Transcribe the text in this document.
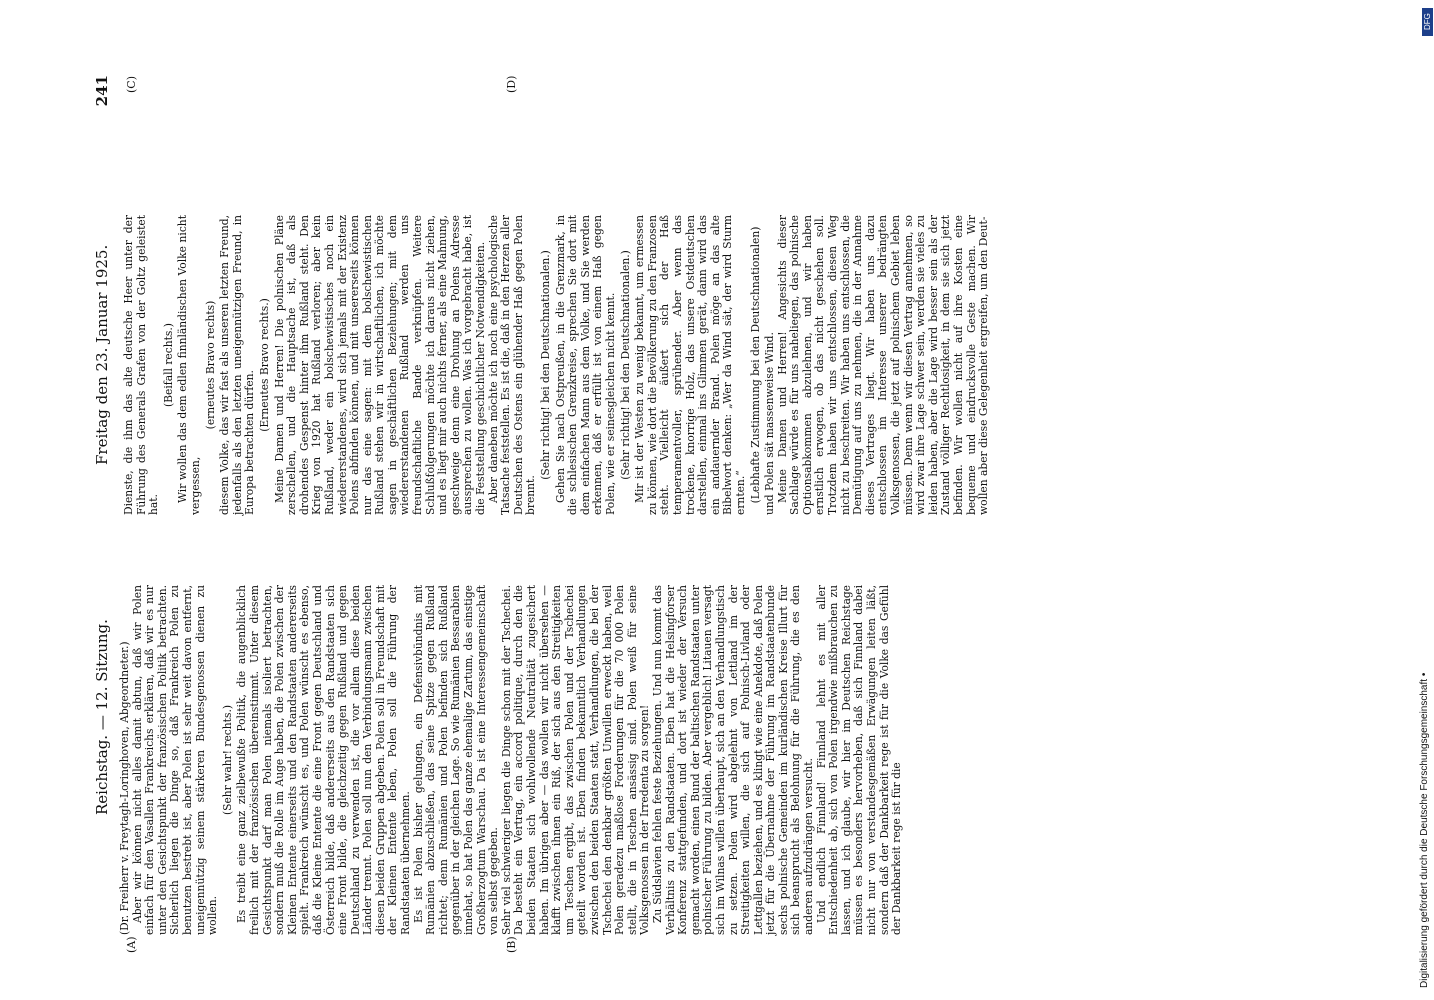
Reichstag. — 12. Sitzung.
Freitag den 23. Januar 1925.
241
(Dr. Freiherr v. Freytagh-Loringhoven, Abgeordneter.) Aber wir können nicht alles damit abtun, daß wir Polen einfach für den Vasallen Frankreichs erklären, daß wir es nur unter den Gesichtspunkt der französischen Politik betrachten. Sicherlich liegen die Dinge so, daß Frankreich Polen zu benutzen bestrebt ist, aber Polen ist sehr weit davon entfernt, uneigennützig seinem stärkeren Bundesgenossen dienen zu wollen.

(Sehr wahr! rechts.) Es treibt eine ganz zielbewußte Politik, die augenblicklich freilich mit der französischen übereinstimmt. Unter diesem Gesichtspunkt darf man Polen niemals isoliert betrachten, sondern muß die Rolle im Auge haben, die Polen zwischen der Kleinen Entente einerseits und den Randstaaten andererseits spielt. Frankreich wünscht es, und Polen wünscht es ebenso, daß die Kleine Entente die eine Front gegen Deutschland und Österreich bilde, daß andererseits aus den Randstaaten sich eine Front bilde, die gleichzeitig gegen Rußland und gegen Deutschland zu verwenden ist, die vor allem diese beiden Länder trennt. Polen soll nun den Verbindungsmann zwischen diesen beiden Gruppen abgeben. Polen soll in Freundschaft mit der Kleinen Entente leben, Polen soll die Führung der Randstaaten übernehmen. Es ist Polen bisher gelungen, ein Defensivbündnis mit Rumänien abzuschließen, das seine Spitze gegen Rußland richtet; denn Rumänien und Polen befinden sich Rußland gegenüber in der gleichen Lage. So wie Rumänien Bessarabien innehat, so hat Polen das ganze ehemalige Zartum, das einstige Großherzogtum Warschau. Da ist eine Interessengemeinschaft von selbst gegeben. Sehr viel schwieriger liegen die Dinge schon mit der Tschechei. Da besteht ein Vertrag, ein accord politique, durch den die beiden Staaten sich wohlwollende Neutralität zugesichert haben. Im übrigen aber — das wollen wir nicht übersehen — klafft zwischen ihnen ein Riß, der sich aus den Streitigkeiten um Teschen ergibt, das zwischen Polen und der Tschechei geteilt worden ist. Eben finden bekanntlich Verhandlungen zwischen den beiden Staaten statt, Verhandlungen, die bei der Tschechei den denkbar größten Unwillen erweckt haben, weil Polen geradezu maßlose Forderungen für die 70 000 Polen stellt, die in Teschen ansässig sind. Polen weiß für seine Volksgenossen in der Irredenta zu sorgen! Zu Südslavien fehlen feste Beziehungen. Und nun kommt das Verhältnis zu den Randstaaten. Eben hat die Helsingforser Konferenz stattgefunden, und dort ist wieder der Versuch gemacht worden, einen Bund der baltischen Randstaaten unter polnischer Führung zu bilden. Aber vergeblich! Litauen versagt sich im Wilnas willen überhaupt, sich an den Verhandlungstisch zu setzen. Polen wird abgelehnt von Lettland im der Streitigkeiten willen, die sich auf Polnisch-Livland oder Lettgallen beziehen, und es klingt wie eine Anekdote, daß Polen jetzt für die Übernahme der Führung im Randstaatenbunde sechs polnische Gemeinden im kurländischen Kreise Illurt für sich beansprucht als Belohnung für die Führung, die es den anderen aufzudrängen versucht. Und endlich Finnland! Finnland lehnt es mit aller Entschiedenheit ab, sich von Polen irgendwie mißbrauchen zu lassen, und ich glaube, wir hier im Deutschen Reichstage müssen es besonders hervorheben, daß sich Finnland dabei nicht nur von verstandesgemäßen Erwägungen leiten läßt, sondern daß der Dankbarkeit rege ist für die Volke das Gefühl der Dankbarkeit rege ist für die

Dienste, die ihm das alte deutsche Heer unter der Führung des Generals Grafen von der Goltz geleistet hat.

(Beifall rechts.) Wir wollen das dem edlen finnländischen Volke nicht vergessen,

(erneutes Bravo rechts) diesem Volke, das wir fast als unseren letzten Freund, jedenfalls als den letzten uneigennützigen Freund, in Europa betrachten dürfen.

(Erneutes Bravo rechts.) Meine Damen und Herren! Die polnischen Pläne zerschellen, und die Hauptsache ist, daß als drohendes Gespenst hinter ihm Rußland steht. Den Krieg von 1920 hat Rußland verloren; aber kein Rußland, weder ein bolschewistisches noch ein wiedererstandenes, wird sich jemals mit der Existenz Polens abfinden können, und mit unsererseits können nur das eine sagen: mit dem bolschewistischen Rußland stehen wir in wirtschaftlichen, ich möchte sagen in geschäftlichen Beziehungen; mit dem wiedererstandenen Rußland werden uns freundschaftliche Bande verknüpfen. Weitere Schlußfolgerungen möchte ich daraus nicht ziehen, und es liegt mir auch nichts ferner, als eine Mahnung, geschweige denn eine Drohung an Polens Adresse aussprechen zu wollen. Was ich vorgebracht habe, ist die Feststellung geschichtlicher Notwendigkeiten. Aber daneben möchte ich noch eine psychologische Tatsache feststellen. Es ist die, daß in den Herzen aller Deutschen des Ostens ein glühender Haß gegen Polen brennt.

(Sehr richtig! bei den Deutschnationalen.) Gehen Sie nach Ostpreußen, in die Grenzmark, in die schlesischen Grenzkreise, sprechen Sie dort mit dem einfachen Mann aus dem Volke, und Sie werden erkennen, daß er erfüllt ist von einem Haß gegen Polen, wie er seinesgleichen nicht kennt. (Sehr richtig! bei den Deutschnationalen.) Mir ist der Westen zu wenig bekannt, um ermessen zu können, wie dort die Bevölkerung zu den Franzosen steht. Vielleicht äußert sich der Haß temperamentvoller, sprühender. Aber wenn das trockene, knorrige Holz, das unsere Ostdeutschen darstellen, einmal ins Glimmen gerät, dann wird das ein andauernder Brand. Polen möge an das alte Bibelwort denken: „Wer da Wind sät, der wird Sturm ernten.“ (Lebhafte Zustimmung bei den Deutschnationalen) und Polen sät massenweise Wind. Meine Damen und Herren! Angesichts dieser Sachlage würde es für uns naheliegen, das polnische Optionsabkommen abzulehnen, und wir haben ernstlich erwogen, ob das nicht geschehen soll. Trotzdem haben wir uns entschlossen, diesen Weg nicht zu beschreiten. Wir haben uns entschlossen, die Demütigung auf uns zu nehmen, die in der Annahme dieses Vertrages liegt. Wir haben uns dazu entschlossen im Interesse unserer bedrängten Volksgenossen, die jetzt auf polnischem Gebiet leben müssen. Denn wenn wir diesen Vertrag annehmen, so wird zwar ihre Lage schwer sein, werden sie vieles zu leiden haben, aber die Lage wird besser sein als der Zustand völliger Rechtlosigkeit, in dem sie sich jetzt befinden. Wir wollen nicht auf ihre Kosten eine bequeme und eindrucksvolle Geste machen. Wir wollen aber diese Gelegenheit ergreifen, um den Deut-

(A)	(B)
(C)	(D)
Digitalisierung gefördert durch die Deutsche Forschungsgemeinschaft •
DFG
